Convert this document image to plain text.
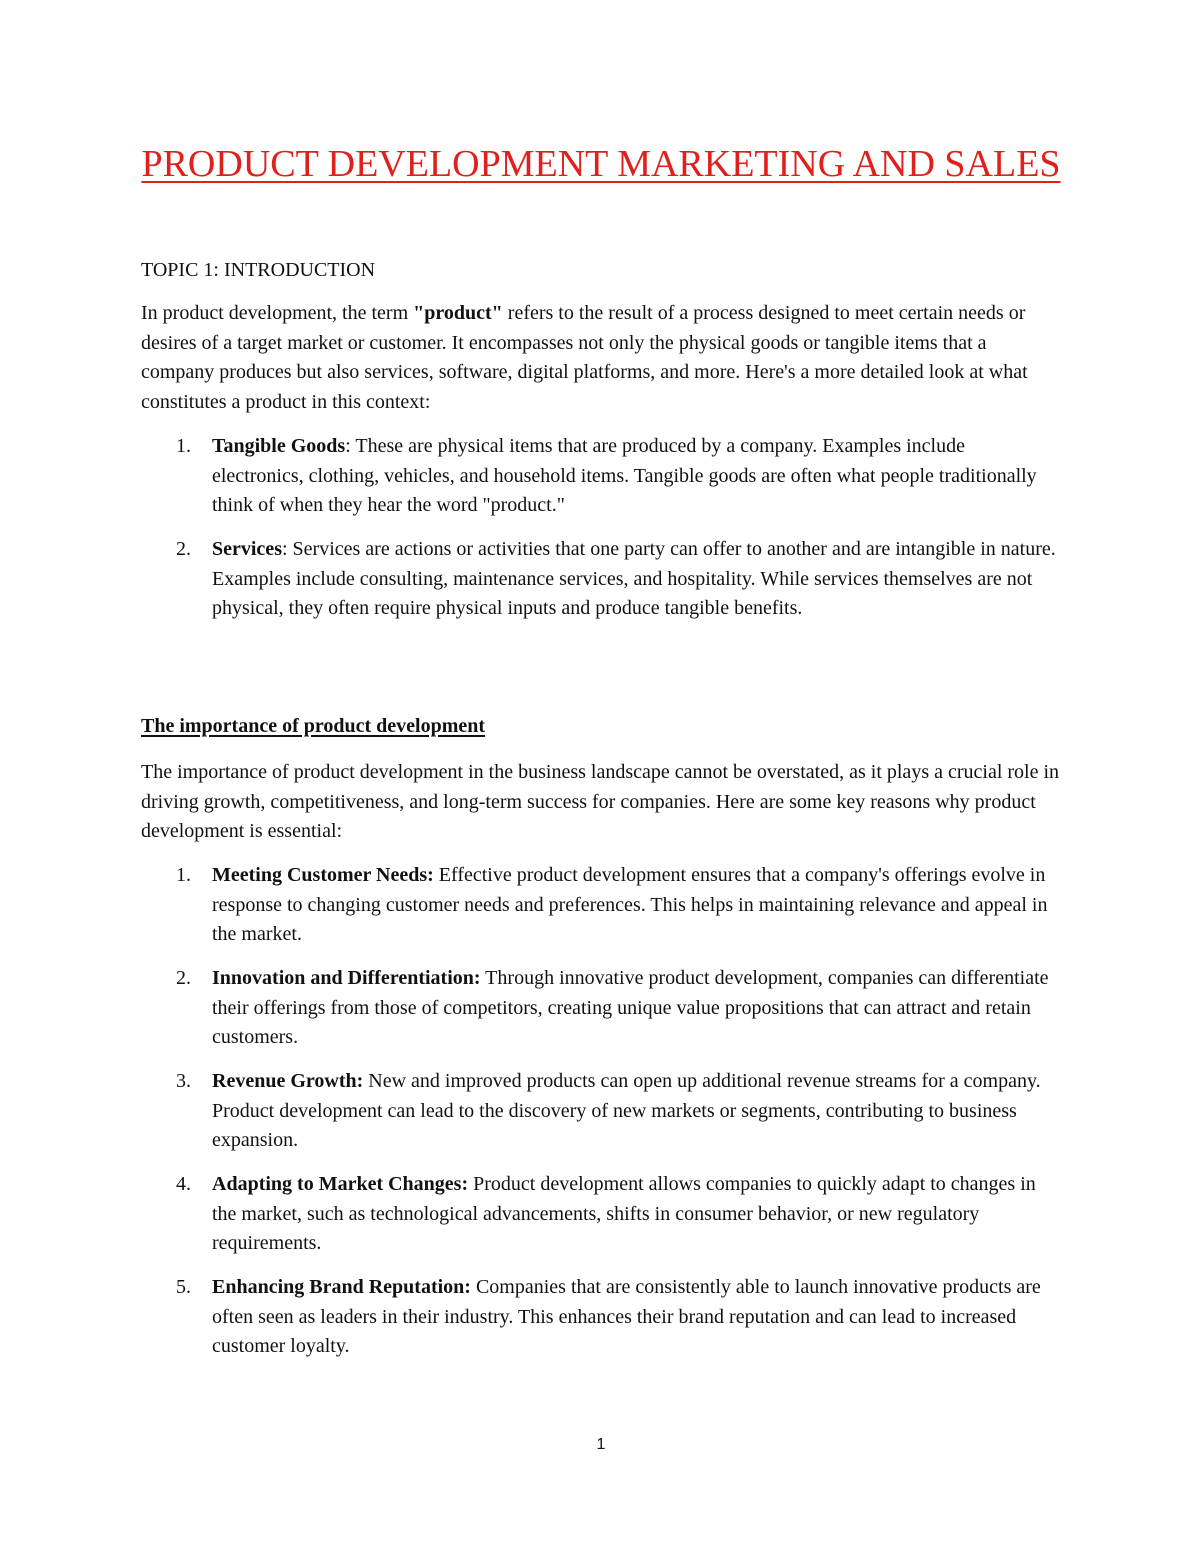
PRODUCT DEVELOPMENT MARKETING AND SALES
TOPIC 1: INTRODUCTION

In product development, the term "product" refers to the result of a process designed to meet certain needs or desires of a target market or customer. It encompasses not only the physical goods or tangible items that a company produces but also services, software, digital platforms, and more. Here's a more detailed look at what constitutes a product in this context:

1. Tangible Goods: These are physical items that are produced by a company. Examples include electronics, clothing, vehicles, and household items. Tangible goods are often what people traditionally think of when they hear the word "product."
2. Services: Services are actions or activities that one party can offer to another and are intangible in nature. Examples include consulting, maintenance services, and hospitality. While services themselves are not physical, they often require physical inputs and produce tangible benefits.
The importance of product development

The importance of product development in the business landscape cannot be overstated, as it plays a crucial role in driving growth, competitiveness, and long-term success for companies. Here are some key reasons why product development is essential:

1. Meeting Customer Needs: Effective product development ensures that a company's offerings evolve in response to changing customer needs and preferences. This helps in maintaining relevance and appeal in the market.
2. Innovation and Differentiation: Through innovative product development, companies can differentiate their offerings from those of competitors, creating unique value propositions that can attract and retain customers.
3. Revenue Growth: New and improved products can open up additional revenue streams for a company. Product development can lead to the discovery of new markets or segments, contributing to business expansion.
4. Adapting to Market Changes: Product development allows companies to quickly adapt to changes in the market, such as technological advancements, shifts in consumer behavior, or new regulatory requirements.
5. Enhancing Brand Reputation: Companies that are consistently able to launch innovative products are often seen as leaders in their industry. This enhances their brand reputation and can lead to increased customer loyalty.
1
